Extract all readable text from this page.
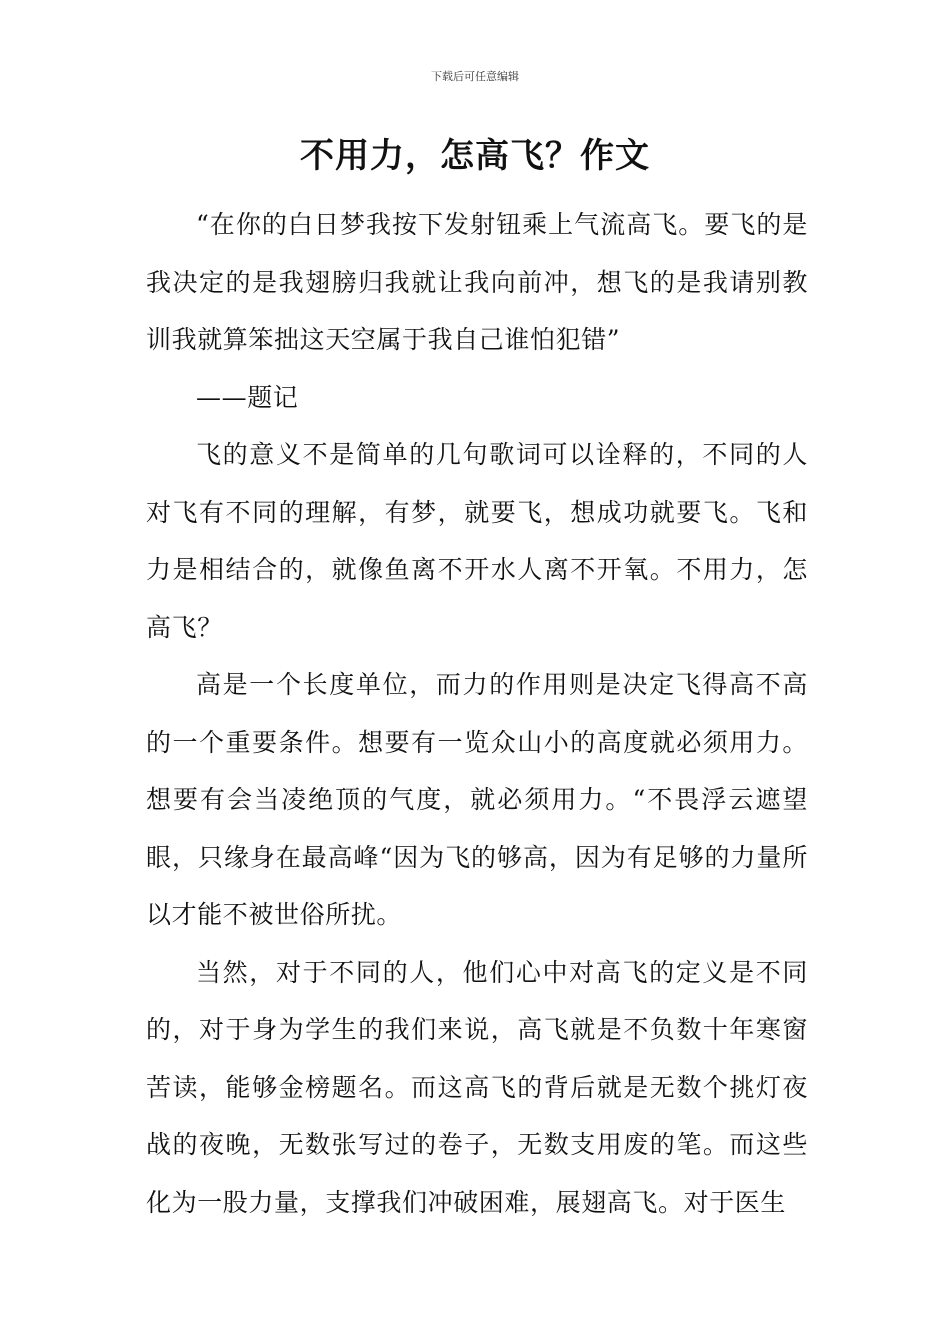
下载后可任意编辑
不用力，怎高飞？作文

“在你的白日梦我按下发射钮乘上气流高飞。要飞的是我决定的是我翅膀归我就让我向前冲，想飞的是我请别教训我就算笨拙这天空属于我自己谁怕犯错”

——题记

飞的意义不是简单的几句歌词可以诠释的，不同的人对飞有不同的理解，有梦，就要飞，想成功就要飞。飞和力是相结合的，就像鱼离不开水人离不开氧。不用力，怎高飞？

高是一个长度单位，而力的作用则是决定飞得高不高的一个重要条件。想要有一览众山小的高度就必须用力。想要有会当凌绝顶的气度，就必须用力。“不畏浮云遮望眼，只缘身在最高峰“因为飞的够高，因为有足够的力量所以才能不被世俗所扰。

当然，对于不同的人，他们心中对高飞的定义是不同的，对于身为学生的我们来说，高飞就是不负数十年寒窗苦读，能够金榜题名。而这高飞的背后就是无数个挑灯夜战的夜晚，无数张写过的卷子，无数支用废的笔。而这些化为一股力量，支撑我们冲破困难，展翅高飞。对于医生
